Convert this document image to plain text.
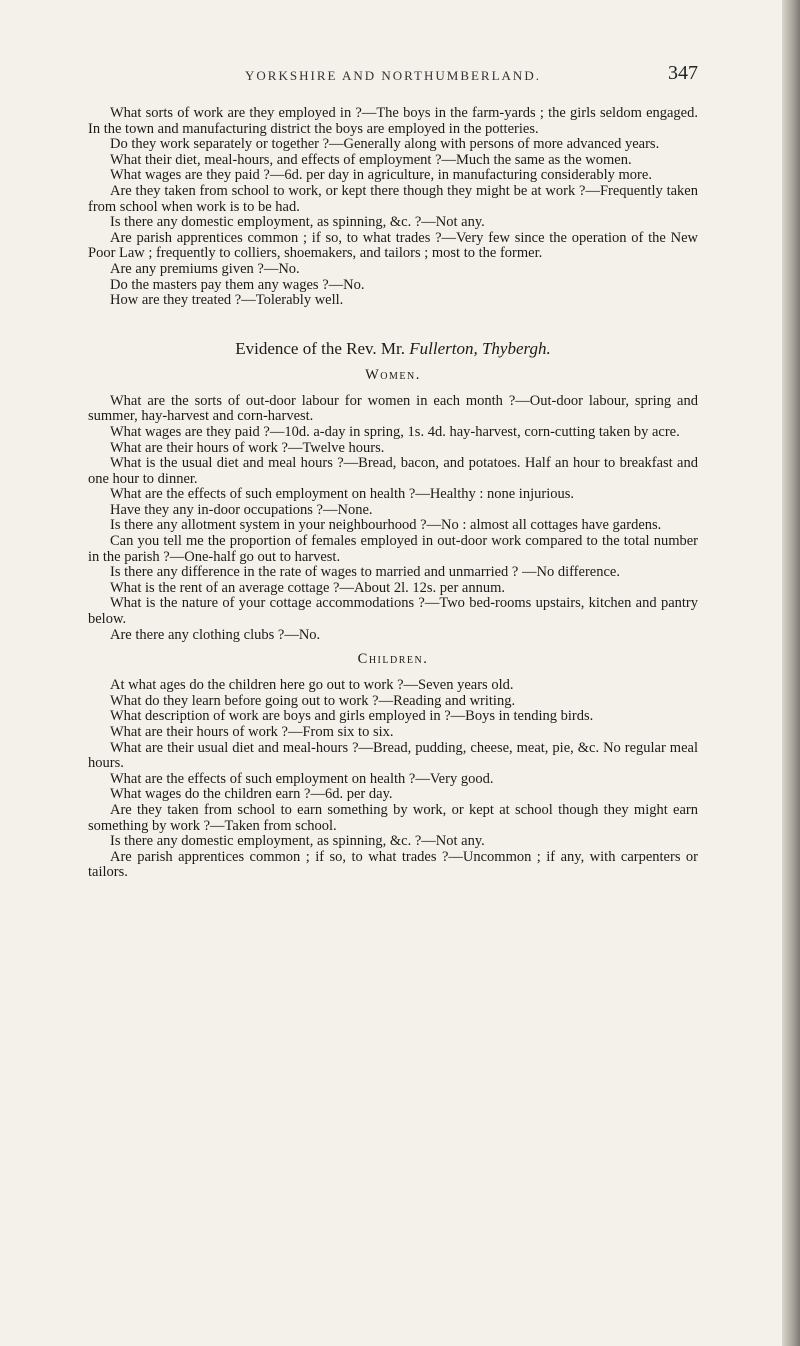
YORKSHIRE AND NORTHUMBERLAND.	347

What sorts of work are they employed in ?—The boys in the farm-yards ; the girls seldom engaged. In the town and manufacturing district the boys are employed in the potteries.

Do they work separately or together ?—Generally along with persons of more advanced years.

What their diet, meal-hours, and effects of employment ?—Much the same as the women.

What wages are they paid ?—6d. per day in agriculture, in manufacturing considerably more.

Are they taken from school to work, or kept there though they might be at work ?—Frequently taken from school when work is to be had.

Is there any domestic employment, as spinning, &c. ?—Not any.

Are parish apprentices common ; if so, to what trades ?—Very few since the operation of the New Poor Law ; frequently to colliers, shoemakers, and tailors ; most to the former.

Are any premiums given ?—No.

Do the masters pay them any wages ?—No.

How are they treated ?—Tolerably well.

Evidence of the Rev. Mr. Fullerton, Thybergh.
Women.

What are the sorts of out-door labour for women in each month ?—Out-door labour, spring and summer, hay-harvest and corn-harvest.

What wages are they paid ?—10d. a-day in spring, 1s. 4d. hay-harvest, corn-cutting taken by acre.

What are their hours of work ?—Twelve hours.

What is the usual diet and meal hours ?—Bread, bacon, and potatoes. Half an hour to breakfast and one hour to dinner.

What are the effects of such employment on health ?—Healthy : none injurious.

Have they any in-door occupations ?—None.

Is there any allotment system in your neighbourhood ?—No : almost all cottages have gardens.

Can you tell me the proportion of females employed in out-door work compared to the total number in the parish ?—One-half go out to harvest.

Is there any difference in the rate of wages to married and unmarried ? —No difference.

What is the rent of an average cottage ?—About 2l. 12s. per annum.

What is the nature of your cottage accommodations ?—Two bed-rooms upstairs, kitchen and pantry below.

Are there any clothing clubs ?—No.

Children.

At what ages do the children here go out to work ?—Seven years old.

What do they learn before going out to work ?—Reading and writing.

What description of work are boys and girls employed in ?—Boys in tending birds.

What are their hours of work ?—From six to six.

What are their usual diet and meal-hours ?—Bread, pudding, cheese, meat, pie, &c. No regular meal hours.

What are the effects of such employment on health ?—Very good.

What wages do the children earn ?—6d. per day.

Are they taken from school to earn something by work, or kept at school though they might earn something by work ?—Taken from school.

Is there any domestic employment, as spinning, &c. ?—Not any.

Are parish apprentices common ; if so, to what trades ?—Uncommon ; if any, with carpenters or tailors.
